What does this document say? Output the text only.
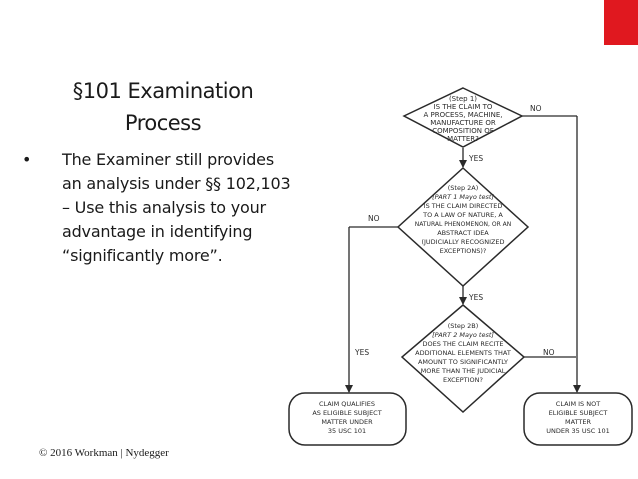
§101 Examination
Process
• The Examiner still provides
an analysis under §§ 102,103
– Use this analysis to your
advantage in identifying
“significantly more”.
© 2016 Workman | Nydegger
(Step 1)
IS THE CLAIM TO
A PROCESS, MACHINE,
MANUFACTURE OR
COMPOSITION OF
MATTER?
(Step 2A)
[PART 1 Mayo test]
IS THE CLAIM DIRECTED
TO A LAW OF NATURE, A
NATURAL PHENOMENON, OR AN
ABSTRACT IDEA
(JUDICIALLY RECOGNIZED
EXCEPTIONS)?
(Step 2B)
[PART 2 Mayo test]
DOES THE CLAIM RECITE
ADDITIONAL ELEMENTS THAT
AMOUNT TO SIGNIFICANTLY
MORE THAN THE JUDICIAL
EXCEPTION?
CLAIM QUALIFIES
AS ELIGIBLE SUBJECT
MATTER UNDER
35 USC 101
CLAIM IS NOT
ELIGIBLE SUBJECT
MATTER
UNDER 35 USC 101
NO
YES
NO
YES
YES	NO
